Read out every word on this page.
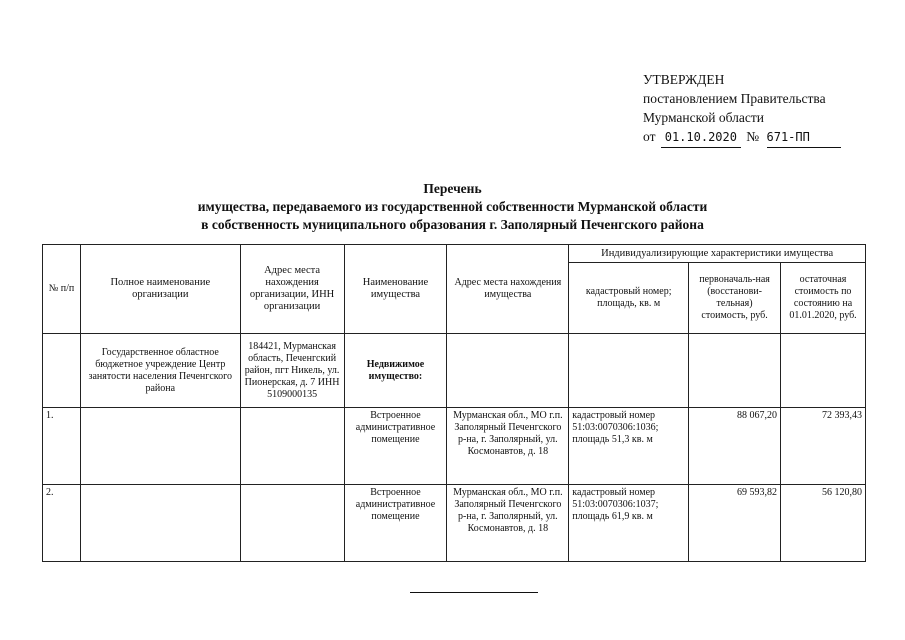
УТВЕРЖДЕН
постановлением Правительства
Мурманской области
от 01.10.2020 № 671-ПП
Перечень
имущества, передаваемого из государственной собственности Мурманской области
в собственность муниципального образования г. Заполярный Печенгского района
№ п/п	Полное наименование организации	Адрес места нахождения организации, ИНН организации	Наименование имущества	Адрес места нахождения имущества	Индивидуализирующие характеристики имущества		
					кадастровый номер; площадь, кв. м	первоначаль-ная (восстанови-тельная) стоимость, руб.	остаточная стоимость по состоянию на 01.01.2020, руб.
	Государственное областное бюджетное учреждение Центр занятости населения Печенгского района	184421, Мурманская область, Печенгский район, пгт Никель, ул. Пионерская, д. 7 ИНН 5109000135	Недвижимое имущество:				
1.			Встроенное административное помещение	Мурманская обл., МО г.п. Заполярный Печенгского р-на, г. Заполярный, ул. Космонавтов, д. 18	кадастровый номер 51:03:0070306:1036; площадь 51,3 кв. м	88 067,20	72 393,43
2.			Встроенное административное помещение	Мурманская обл., МО г.п. Заполярный Печенгского р-на, г. Заполярный, ул. Космонавтов, д. 18	кадастровый номер 51:03:0070306:1037; площадь 61,9 кв. м	69 593,82	56 120,80
